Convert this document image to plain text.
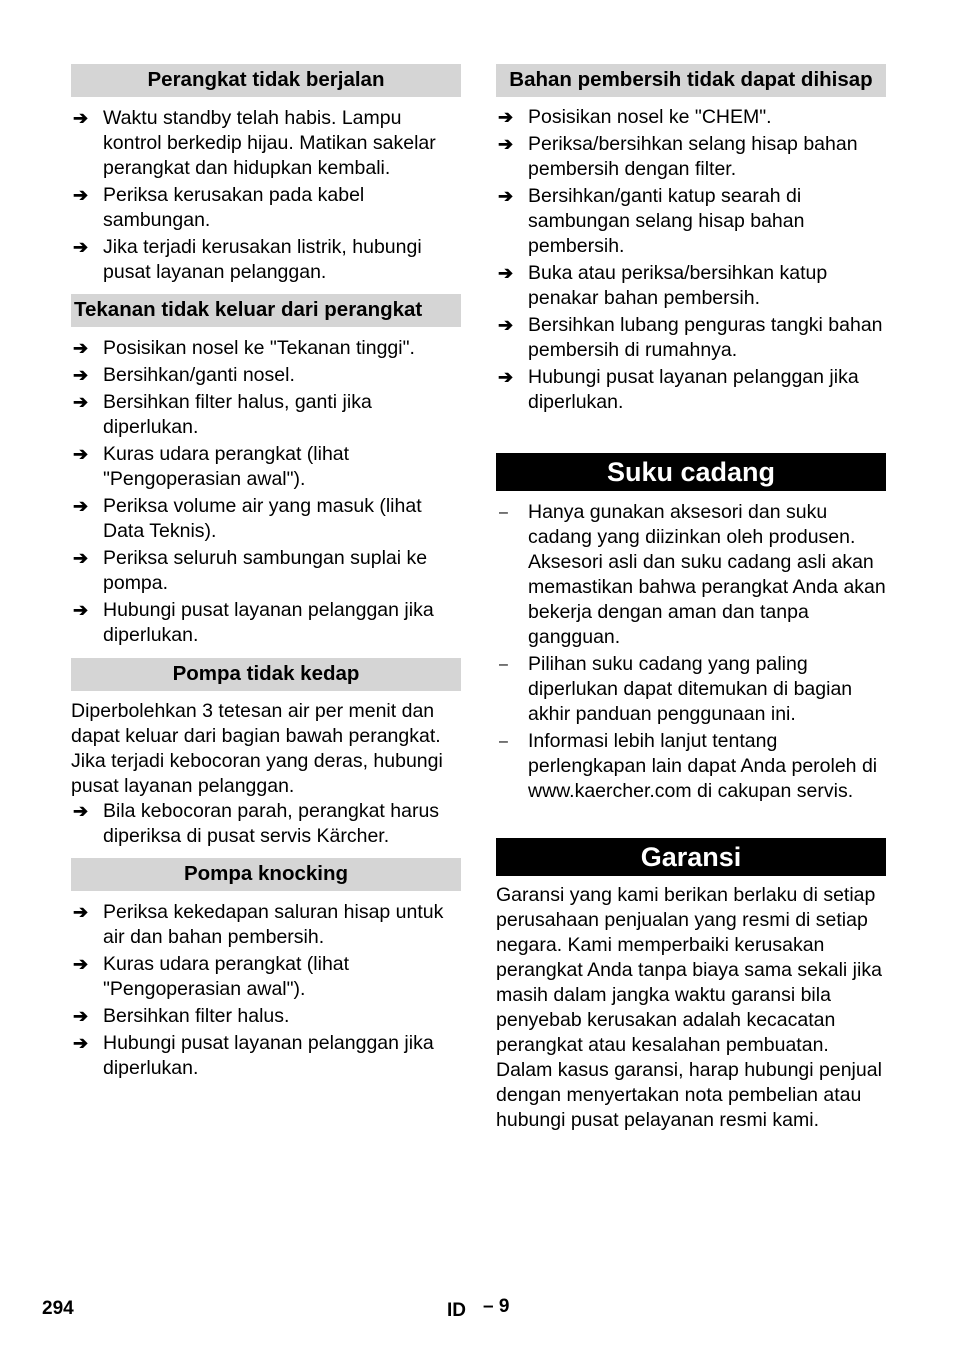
Perangkat tidak berjalan
➔ Waktu standby telah habis. Lampu kontrol berkedip hijau. Matikan sakelar perangkat dan hidupkan kembali.
➔ Periksa kerusakan pada kabel sambungan.
➔ Jika terjadi kerusakan listrik, hubungi pusat layanan pelanggan.
Tekanan tidak keluar dari perangkat
➔ Posisikan nosel ke "Tekanan tinggi".
➔ Bersihkan/ganti nosel.
➔ Bersihkan filter halus, ganti jika diperlukan.
➔ Kuras udara perangkat (lihat "Pengoperasian awal").
➔ Periksa volume air yang masuk (lihat Data Teknis).
➔ Periksa seluruh sambungan suplai ke pompa.
➔ Hubungi pusat layanan pelanggan jika diperlukan.
Pompa tidak kedap

Diperbolehkan 3 tetesan air per menit dan dapat keluar dari bagian bawah perangkat. Jika terjadi kebocoran yang deras, hubungi pusat layanan pelanggan.

➔ Bila kebocoran parah, perangkat harus diperiksa di pusat servis Kärcher.
Pompa knocking
➔ Periksa kekedapan saluran hisap untuk air dan bahan pembersih.
➔ Kuras udara perangkat (lihat "Pengoperasian awal").
➔ Bersihkan filter halus.
➔ Hubungi pusat layanan pelanggan jika diperlukan.
Bahan pembersih tidak dapat dihisap
➔ Posisikan nosel ke "CHEM".
➔ Periksa/bersihkan selang hisap bahan pembersih dengan filter.
➔ Bersihkan/ganti katup searah di sambungan selang hisap bahan pembersih.
➔ Buka atau periksa/bersihkan katup penakar bahan pembersih.
➔ Bersihkan lubang penguras tangki bahan pembersih di rumahnya.
➔ Hubungi pusat layanan pelanggan jika diperlukan.
Suku cadang
– Hanya gunakan aksesori dan suku cadang yang diizinkan oleh produsen. Aksesori asli dan suku cadang asli akan memastikan bahwa perangkat Anda akan bekerja dengan aman dan tanpa gangguan.
– Pilihan suku cadang yang paling diperlukan dapat ditemukan di bagian akhir panduan penggunaan ini.
– Informasi lebih lanjut tentang perlengkapan lain dapat Anda peroleh di www.kaercher.com di cakupan servis.
Garansi

Garansi yang kami berikan berlaku di setiap perusahaan penjualan yang resmi di setiap negara. Kami memperbaiki kerusakan perangkat Anda tanpa biaya sama sekali jika masih dalam jangka waktu garansi bila penyebab kerusakan adalah kecacatan perangkat atau kesalahan pembuatan. Dalam kasus garansi, harap hubungi penjual dengan menyertakan nota pembelian atau hubungi pusat pelayanan resmi kami.

294	ID – 9
